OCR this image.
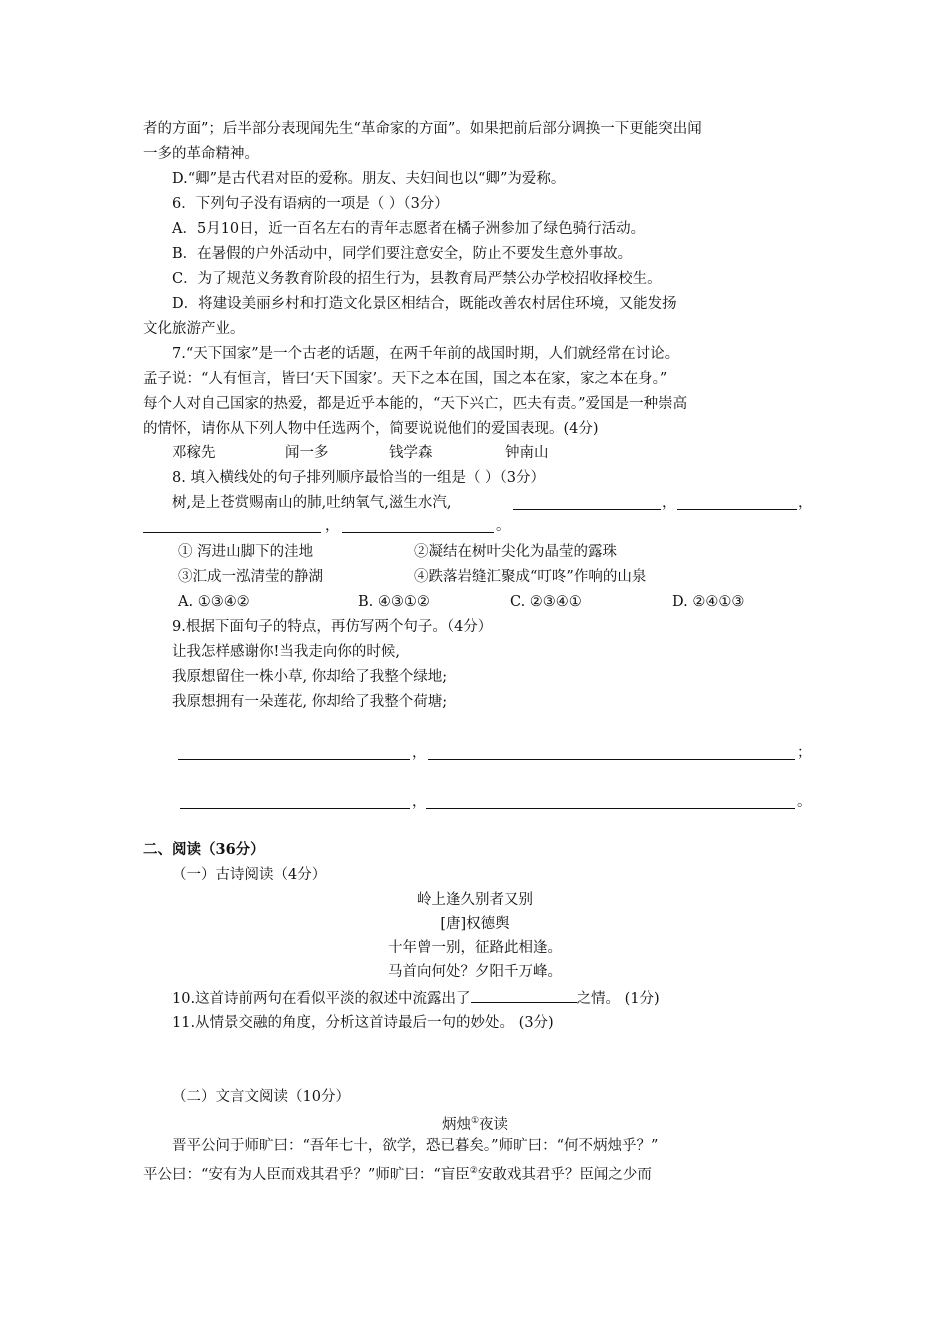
者的方面”；后半部分表现闻先生“革命家的方面”。如果把前后部分调换一下更能突出闻
一多的革命精神。
D.“卿”是古代君对臣的爱称。朋友、夫妇间也以“卿”为爱称。
6．下列句子没有语病的一项是（ ）（3分）
A．5月10日，近一百名左右的青年志愿者在橘子洲参加了绿色骑行活动。
B．在暑假的户外活动中，同学们要注意安全，防止不要发生意外事故。
C．为了规范义务教育阶段的招生行为，县教育局严禁公办学校招收择校生。
D．将建设美丽乡村和打造文化景区相结合，既能改善农村居住环境，又能发扬
文化旅游产业。
7.“天下国家”是一个古老的话题，在两千年前的战国时期，人们就经常在讨论。
孟子说：“人有恒言，皆曰‘天下国家’。天下之本在国，国之本在家，家之本在身。”
每个人对自己国家的热爱，都是近乎本能的，“天下兴亡，匹夫有责。”爱国是一种崇高
的情怀，请你从下列人物中任选两个，简要说说他们的爱国表现。(4分)
邓稼先	闻一多	钱学森	钟南山
8. 填入横线处的句子排列顺序最恰当的一组是（ ）（3分）
树,是上苍赏赐南山的肺,吐纳氧气,滋生水汽,	，	，
，	。
① 泻进山脚下的洼地	②凝结在树叶尖化为晶莹的露珠
③汇成一泓清莹的静湖	④跌落岩缝汇聚成“叮咚”作响的山泉
A. ①③④②	B. ④③①②	C. ②③④①	D. ②④①③
9.根据下面句子的特点，再仿写两个句子。（4分）
让我怎样感谢你!当我走向你的时候,
我原想留住一株小草, 你却给了我整个绿地;
我原想拥有一朵莲花, 你却给了我整个荷塘;
，	；
，	。
二、阅读（36分）
（一）古诗阅读（4分）
岭上逢久别者又别
[唐]权德舆
十年曾一别，征路此相逢。
马首向何处？夕阳千万峰。
10.这首诗前两句在看似平淡的叙述中流露出了	之情。 (1分)
11.从情景交融的角度，分析这首诗最后一句的妙处。 (3分)
（二）文言文阅读（10分）
炳烛①夜读
晋平公问于师旷曰：“吾年七十，欲学，恐已暮矣。”师旷曰：“何不炳烛乎？”
平公曰：“安有为人臣而戏其君乎？”师旷曰：“盲臣②安敢戏其君乎？臣闻之少而
